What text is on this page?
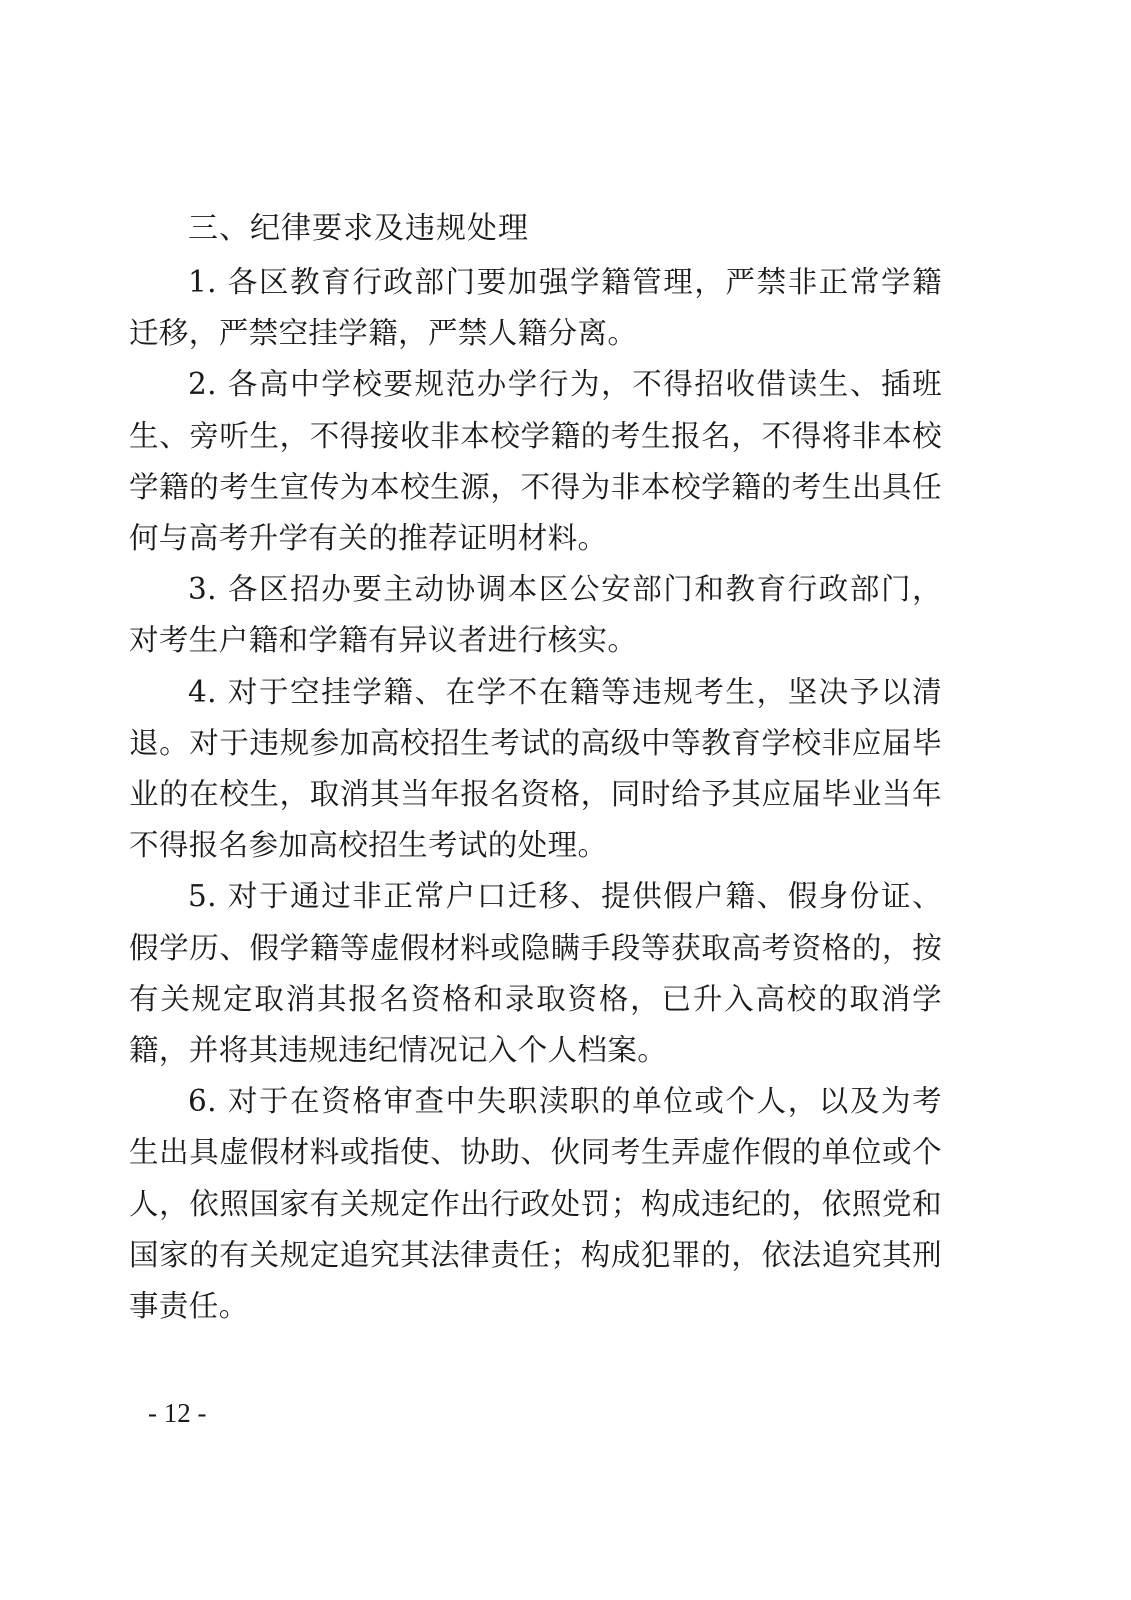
三、纪律要求及违规处理

1. 各区教育行政部门要加强学籍管理，严禁非正常学籍迁移，严禁空挂学籍，严禁人籍分离。

2. 各高中学校要规范办学行为，不得招收借读生、插班生、旁听生，不得接收非本校学籍的考生报名，不得将非本校学籍的考生宣传为本校生源，不得为非本校学籍的考生出具任何与高考升学有关的推荐证明材料。

3. 各区招办要主动协调本区公安部门和教育行政部门，对考生户籍和学籍有异议者进行核实。

4. 对于空挂学籍、在学不在籍等违规考生，坚决予以清退。对于违规参加高校招生考试的高级中等教育学校非应届毕业的在校生，取消其当年报名资格，同时给予其应届毕业当年不得报名参加高校招生考试的处理。

5. 对于通过非正常户口迁移、提供假户籍、假身份证、假学历、假学籍等虚假材料或隐瞒手段等获取高考资格的，按有关规定取消其报名资格和录取资格，已升入高校的取消学籍，并将其违规违纪情况记入个人档案。

6. 对于在资格审查中失职渎职的单位或个人，以及为考生出具虚假材料或指使、协助、伙同考生弄虚作假的单位或个人，依照国家有关规定作出行政处罚；构成违纪的，依照党和国家的有关规定追究其法律责任；构成犯罪的，依法追究其刑事责任。

- 12 -
